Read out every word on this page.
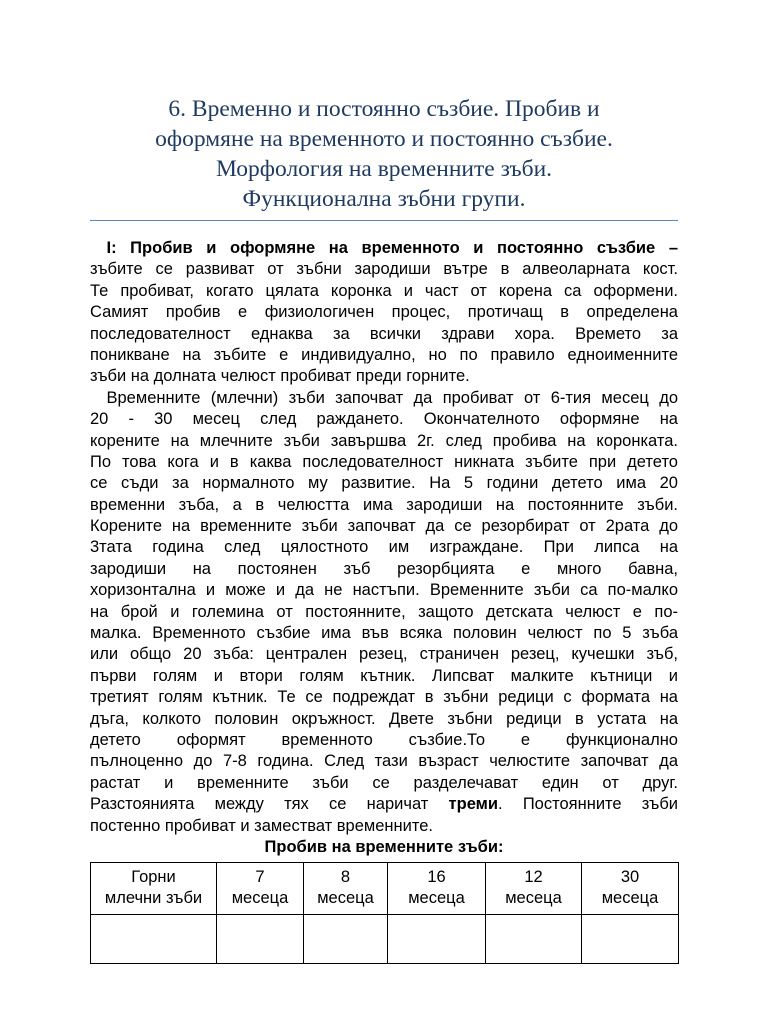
6. Временно и постоянно съзбие. Пробив и
оформяне на временното и постоянно съзбие.
Морфология на временните зъби.
Функционална зъбни групи.
 I: Пробив и оформяне на временното и постоянно съзбие –
зъбите се развиват от зъбни зародиши вътре в алвеоларната кост.
Те пробиват, когато цялата коронка и част от корена са оформени.
Самият пробив е физиологичен процес, протичащ в определена
последователност еднаква за всички здрави хора. Времето за
поникване на зъбите е индивидуално, но по правило едноименните
зъби на долната челюст пробиват преди горните.
 Временните (млечни) зъби започват да пробиват от 6-тия месец до
20 - 30 месец след раждането. Окончателното оформяне на
корените на млечните зъби завършва 2г. след пробива на коронката.
По това кога и в каква последователност никната зъбите при детето
се съди за нормалното му развитие. На 5 години детето има 20
временни зъба, а в челюстта има зародиши на постоянните зъби.
Корените на временните зъби започват да се резорбират от 2рата до
3тата година след цялостното им изграждане. При липса на
зародиши на постоянен зъб резорбцията е много бавна,
хоризонтална и може и да не настъпи. Временните зъби са по-малко
на брой и големина от постоянните, защото детската челюст е по-
малка. Временното съзбие има във всяка половин челюст по 5 зъба
или общо 20 зъба: централен резец, страничен резец, кучешки зъб,
първи голям и втори голям кътник. Липсват малките кътници и
третият голям кътник. Те се подреждат в зъбни редици с формата на
дъга, колкото половин окръжност. Двете зъбни редици в устата на
детето оформят временното съзбие.То е функционално
пълноценно до 7-8 година. След тази възраст челюстите започват да
растат и временните зъби се разделечават един от друг.
Разстоянията между тях се наричат треми. Постоянните зъби
постенно пробиват и заместват временните.
Пробив на временните зъби:
Горни
млечни зъби	7
месеца	8
месеца	16
месеца	12
месеца	30
месеца
